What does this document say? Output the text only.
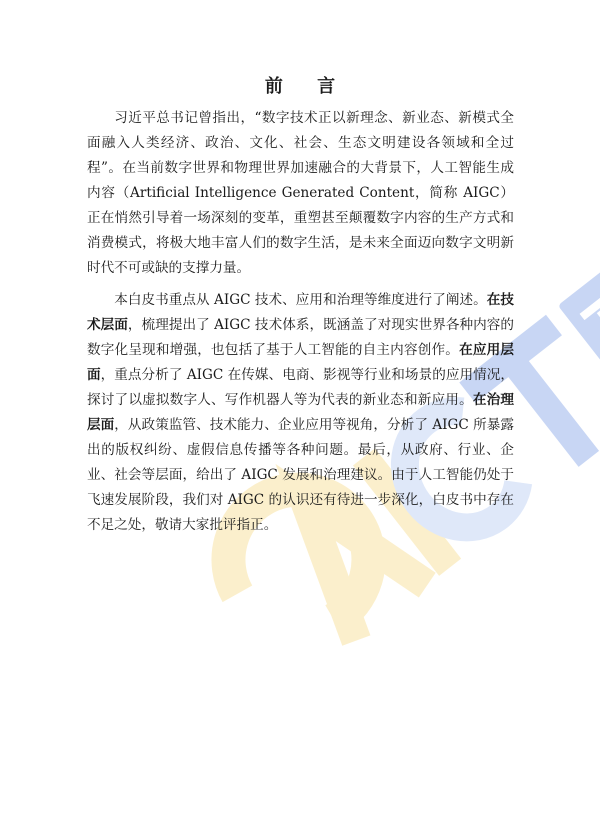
前 言

习近平总书记曾指出，“数字技术正以新理念、新业态、新模式全面融入人类经济、政治、文化、社会、生态文明建设各领域和全过程”。在当前数字世界和物理世界加速融合的大背景下，人工智能生成内容（Artificial Intelligence Generated Content，简称 AIGC）正在悄然引导着一场深刻的变革，重塑甚至颠覆数字内容的生产方式和消费模式，将极大地丰富人们的数字生活，是未来全面迈向数字文明新时代不可或缺的支撑力量。

本白皮书重点从 AIGC 技术、应用和治理等维度进行了阐述。在技术层面，梳理提出了 AIGC 技术体系，既涵盖了对现实世界各种内容的数字化呈现和增强，也包括了基于人工智能的自主内容创作。在应用层面，重点分析了 AIGC 在传媒、电商、影视等行业和场景的应用情况，探讨了以虚拟数字人、写作机器人等为代表的新业态和新应用。在治理层面，从政策监管、技术能力、企业应用等视角，分析了 AIGC 所暴露出的版权纠纷、虚假信息传播等各种问题。最后，从政府、行业、企业、社会等层面，给出了 AIGC 发展和治理建议。由于人工智能仍处于飞速发展阶段，我们对 AIGC 的认识还有待进一步深化，白皮书中存在不足之处，敬请大家批评指正。
